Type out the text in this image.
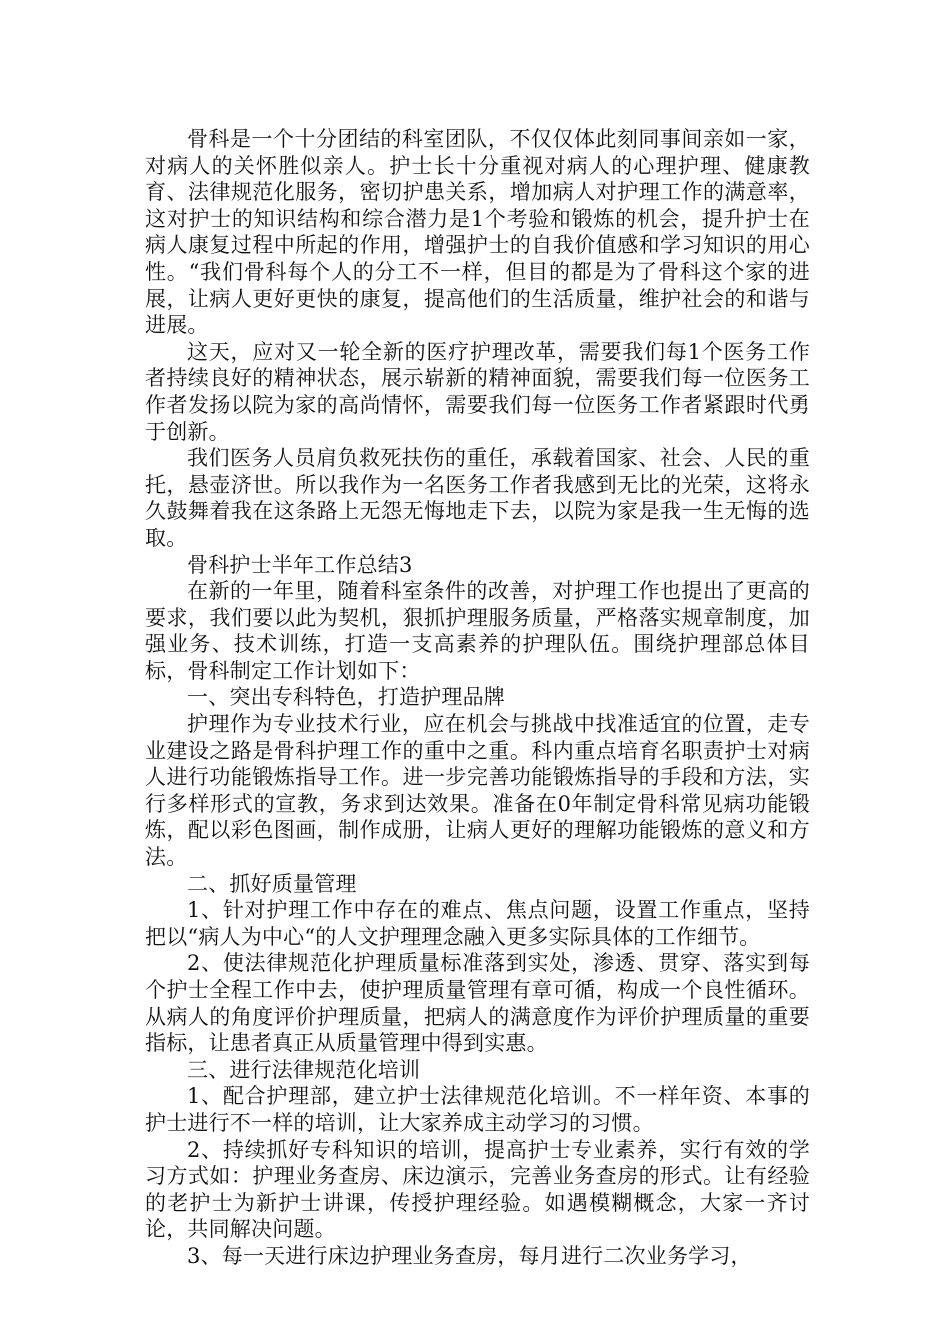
骨科是一个十分团结的科室团队，不仅仅体此刻同事间亲如一家，对病人的关怀胜似亲人。护士长十分重视对病人的心理护理、健康教育、法律规范化服务，密切护患关系，增加病人对护理工作的满意率，这对护士的知识结构和综合潜力是1个考验和锻炼的机会，提升护士在病人康复过程中所起的作用，增强护士的自我价值感和学习知识的用心性。“我们骨科每个人的分工不一样，但目的都是为了骨科这个家的进展，让病人更好更快的康复，提高他们的生活质量，维护社会的和谐与进展。

这天，应对又一轮全新的医疗护理改革，需要我们每1个医务工作者持续良好的精神状态，展示崭新的精神面貌，需要我们每一位医务工作者发扬以院为家的高尚情怀，需要我们每一位医务工作者紧跟时代勇于创新。

我们医务人员肩负救死扶伤的重任，承载着国家、社会、人民的重托，悬壶济世。所以我作为一名医务工作者我感到无比的光荣，这将永久鼓舞着我在这条路上无怨无悔地走下去，以院为家是我一生无悔的选取。

骨科护士半年工作总结3

在新的一年里，随着科室条件的改善，对护理工作也提出了更高的要求，我们要以此为契机，狠抓护理服务质量，严格落实规章制度，加强业务、技术训练，打造一支高素养的护理队伍。围绕护理部总体目标，骨科制定工作计划如下：

一、突出专科特色，打造护理品牌

护理作为专业技术行业，应在机会与挑战中找准适宜的位置，走专业建设之路是骨科护理工作的重中之重。科内重点培育名职责护士对病人进行功能锻炼指导工作。进一步完善功能锻炼指导的手段和方法，实行多样形式的宣教，务求到达效果。准备在0年制定骨科常见病功能锻炼，配以彩色图画，制作成册，让病人更好的理解功能锻炼的意义和方法。

二、抓好质量管理

1、针对护理工作中存在的难点、焦点问题，设置工作重点，坚持把以“病人为中心“的人文护理理念融入更多实际具体的工作细节。

2、使法律规范化护理质量标准落到实处，渗透、贯穿、落实到每个护士全程工作中去，使护理质量管理有章可循，构成一个良性循环。从病人的角度评价护理质量，把病人的满意度作为评价护理质量的重要指标，让患者真正从质量管理中得到实惠。

三、进行法律规范化培训

1、配合护理部，建立护士法律规范化培训。不一样年资、本事的护士进行不一样的培训，让大家养成主动学习的习惯。

2、持续抓好专科知识的培训，提高护士专业素养，实行有效的学习方式如：护理业务查房、床边演示，完善业务查房的形式。让有经验的老护士为新护士讲课，传授护理经验。如遇模糊概念，大家一齐讨论，共同解决问题。

3、每一天进行床边护理业务查房，每月进行二次业务学习，
